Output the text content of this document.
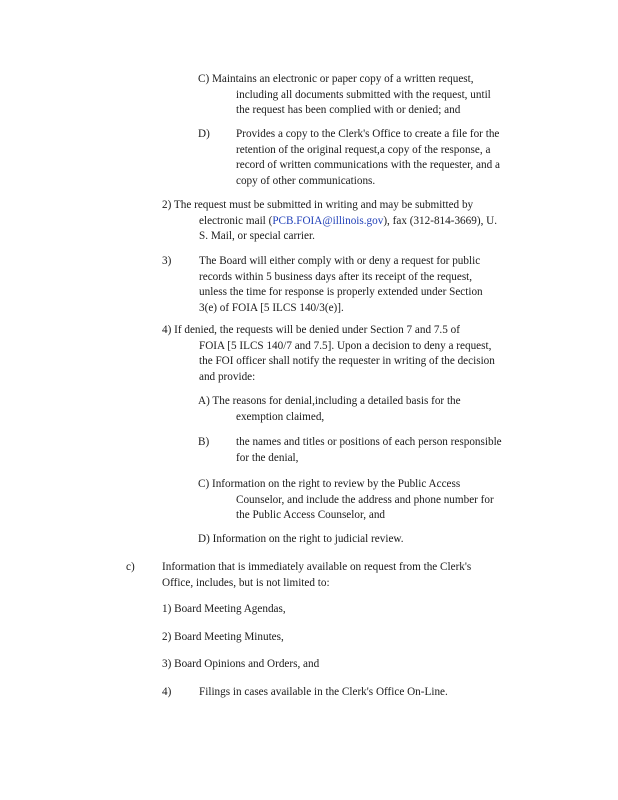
C) Maintains an electronic or paper copy of a written request,
including all documents submitted with the request, until
the request has been complied with or denied; and
D) Provides a copy to the Clerk's Office to create a file for the
retention of the original request,a copy of the response, a
record of written communications with the requester, and a
copy of other communications.
2) The request must be submitted in writing and may be submitted by
electronic mail (PCB.FOIA@illinois.gov), fax (312-814-3669), U.
S. Mail, or special carrier.
3) The Board will either comply with or deny a request for public
records within 5 business days after its receipt of the request,
unless the time for response is properly extended under Section
3(e) of FOIA [5 ILCS 140/3(e)].
4) If denied, the requests will be denied under Section 7 and 7.5 of
FOIA [5 ILCS 140/7 and 7.5]. Upon a decision to deny a request,
the FOI officer shall notify the requester in writing of the decision
and provide:
A) The reasons for denial,including a detailed basis for the
exemption claimed,
B) the names and titles or positions of each person responsible
for the denial,
C) Information on the right to review by the Public Access
Counselor, and include the address and phone number for
the Public Access Counselor, and
D) Information on the right to judicial review.
c) Information that is immediately available on request from the Clerk's
Office, includes, but is not limited to:
1) Board Meeting Agendas,
2) Board Meeting Minutes,
3) Board Opinions and Orders, and
4) Filings in cases available in the Clerk's Office On-Line.
